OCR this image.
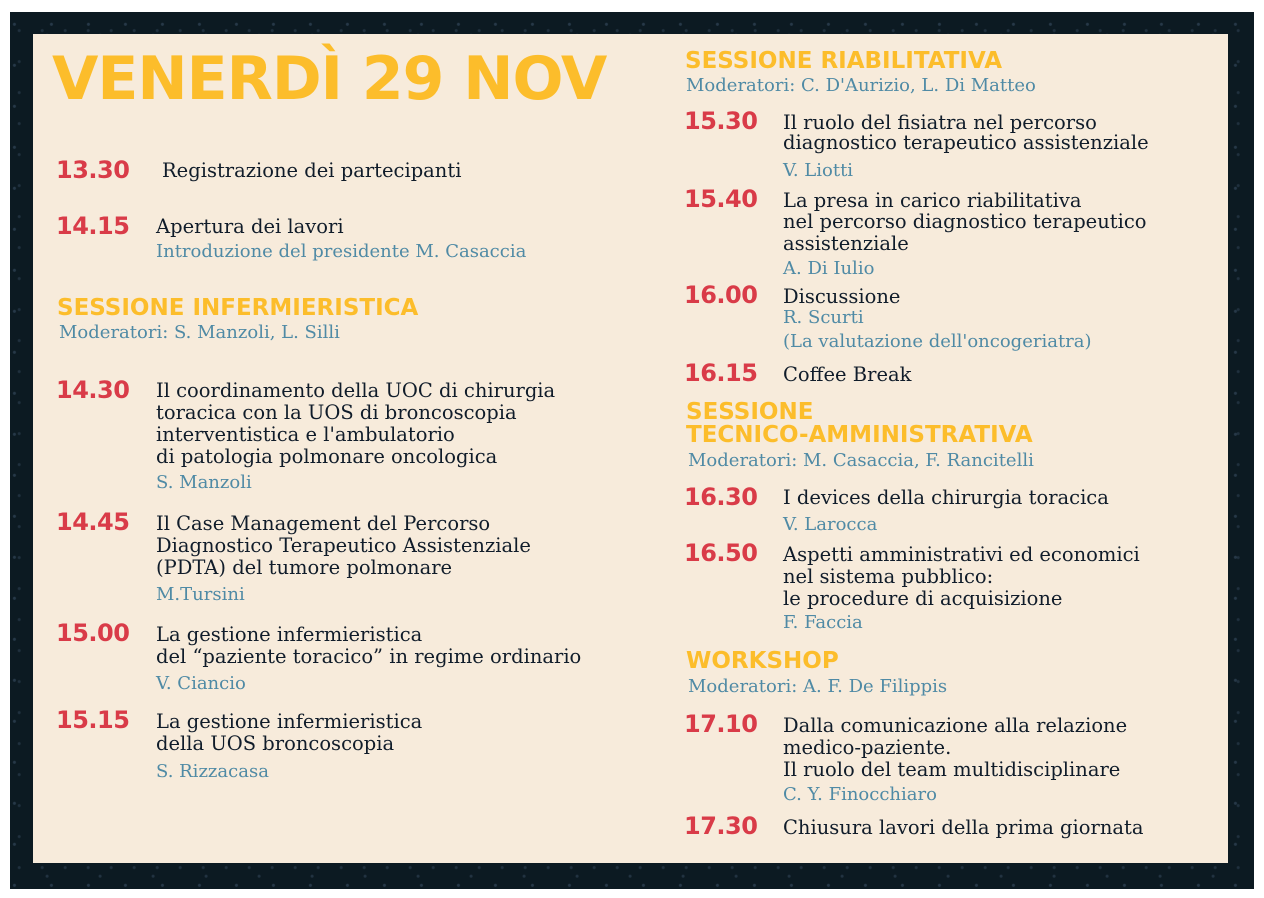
VENERDÌ 29 NOV
13.30 Registrazione dei partecipanti
14.15 Apertura dei lavori
Introduzione del presidente M. Casaccia
SESSIONE INFERMIERISTICA
Moderatori: S. Manzoli, L. Silli
14.30 Il coordinamento della UOC di chirurgia
toracica con la UOS di broncoscopia
interventistica e l'ambulatorio
di patologia polmonare oncologica
S. Manzoli
14.45 Il Case Management del Percorso
Diagnostico Terapeutico Assistenziale
(PDTA) del tumore polmonare
M.Tursini
15.00 La gestione infermieristica
del “paziente toracico” in regime ordinario
V. Ciancio
15.15 La gestione infermieristica
della UOS broncoscopia
S. Rizzacasa
SESSIONE RIABILITATIVA
Moderatori: C. D'Aurizio, L. Di Matteo
15.30 Il ruolo del fisiatra nel percorso
diagnostico terapeutico assistenziale
V. Liotti
15.40 La presa in carico riabilitativa
nel percorso diagnostico terapeutico
assistenziale
A. Di Iulio
16.00 Discussione
R. Scurti
(La valutazione dell'oncogeriatra)
16.15 Coffee Break
SESSIONE
TECNICO-AMMINISTRATIVA
Moderatori: M. Casaccia, F. Rancitelli
16.30 I devices della chirurgia toracica
V. Larocca
16.50 Aspetti amministrativi ed economici
nel sistema pubblico:
le procedure di acquisizione
F. Faccia
WORKSHOP
Moderatori: A. F. De Filippis
17.10 Dalla comunicazione alla relazione
medico-paziente.
Il ruolo del team multidisciplinare
C. Y. Finocchiaro
17.30 Chiusura lavori della prima giornata
